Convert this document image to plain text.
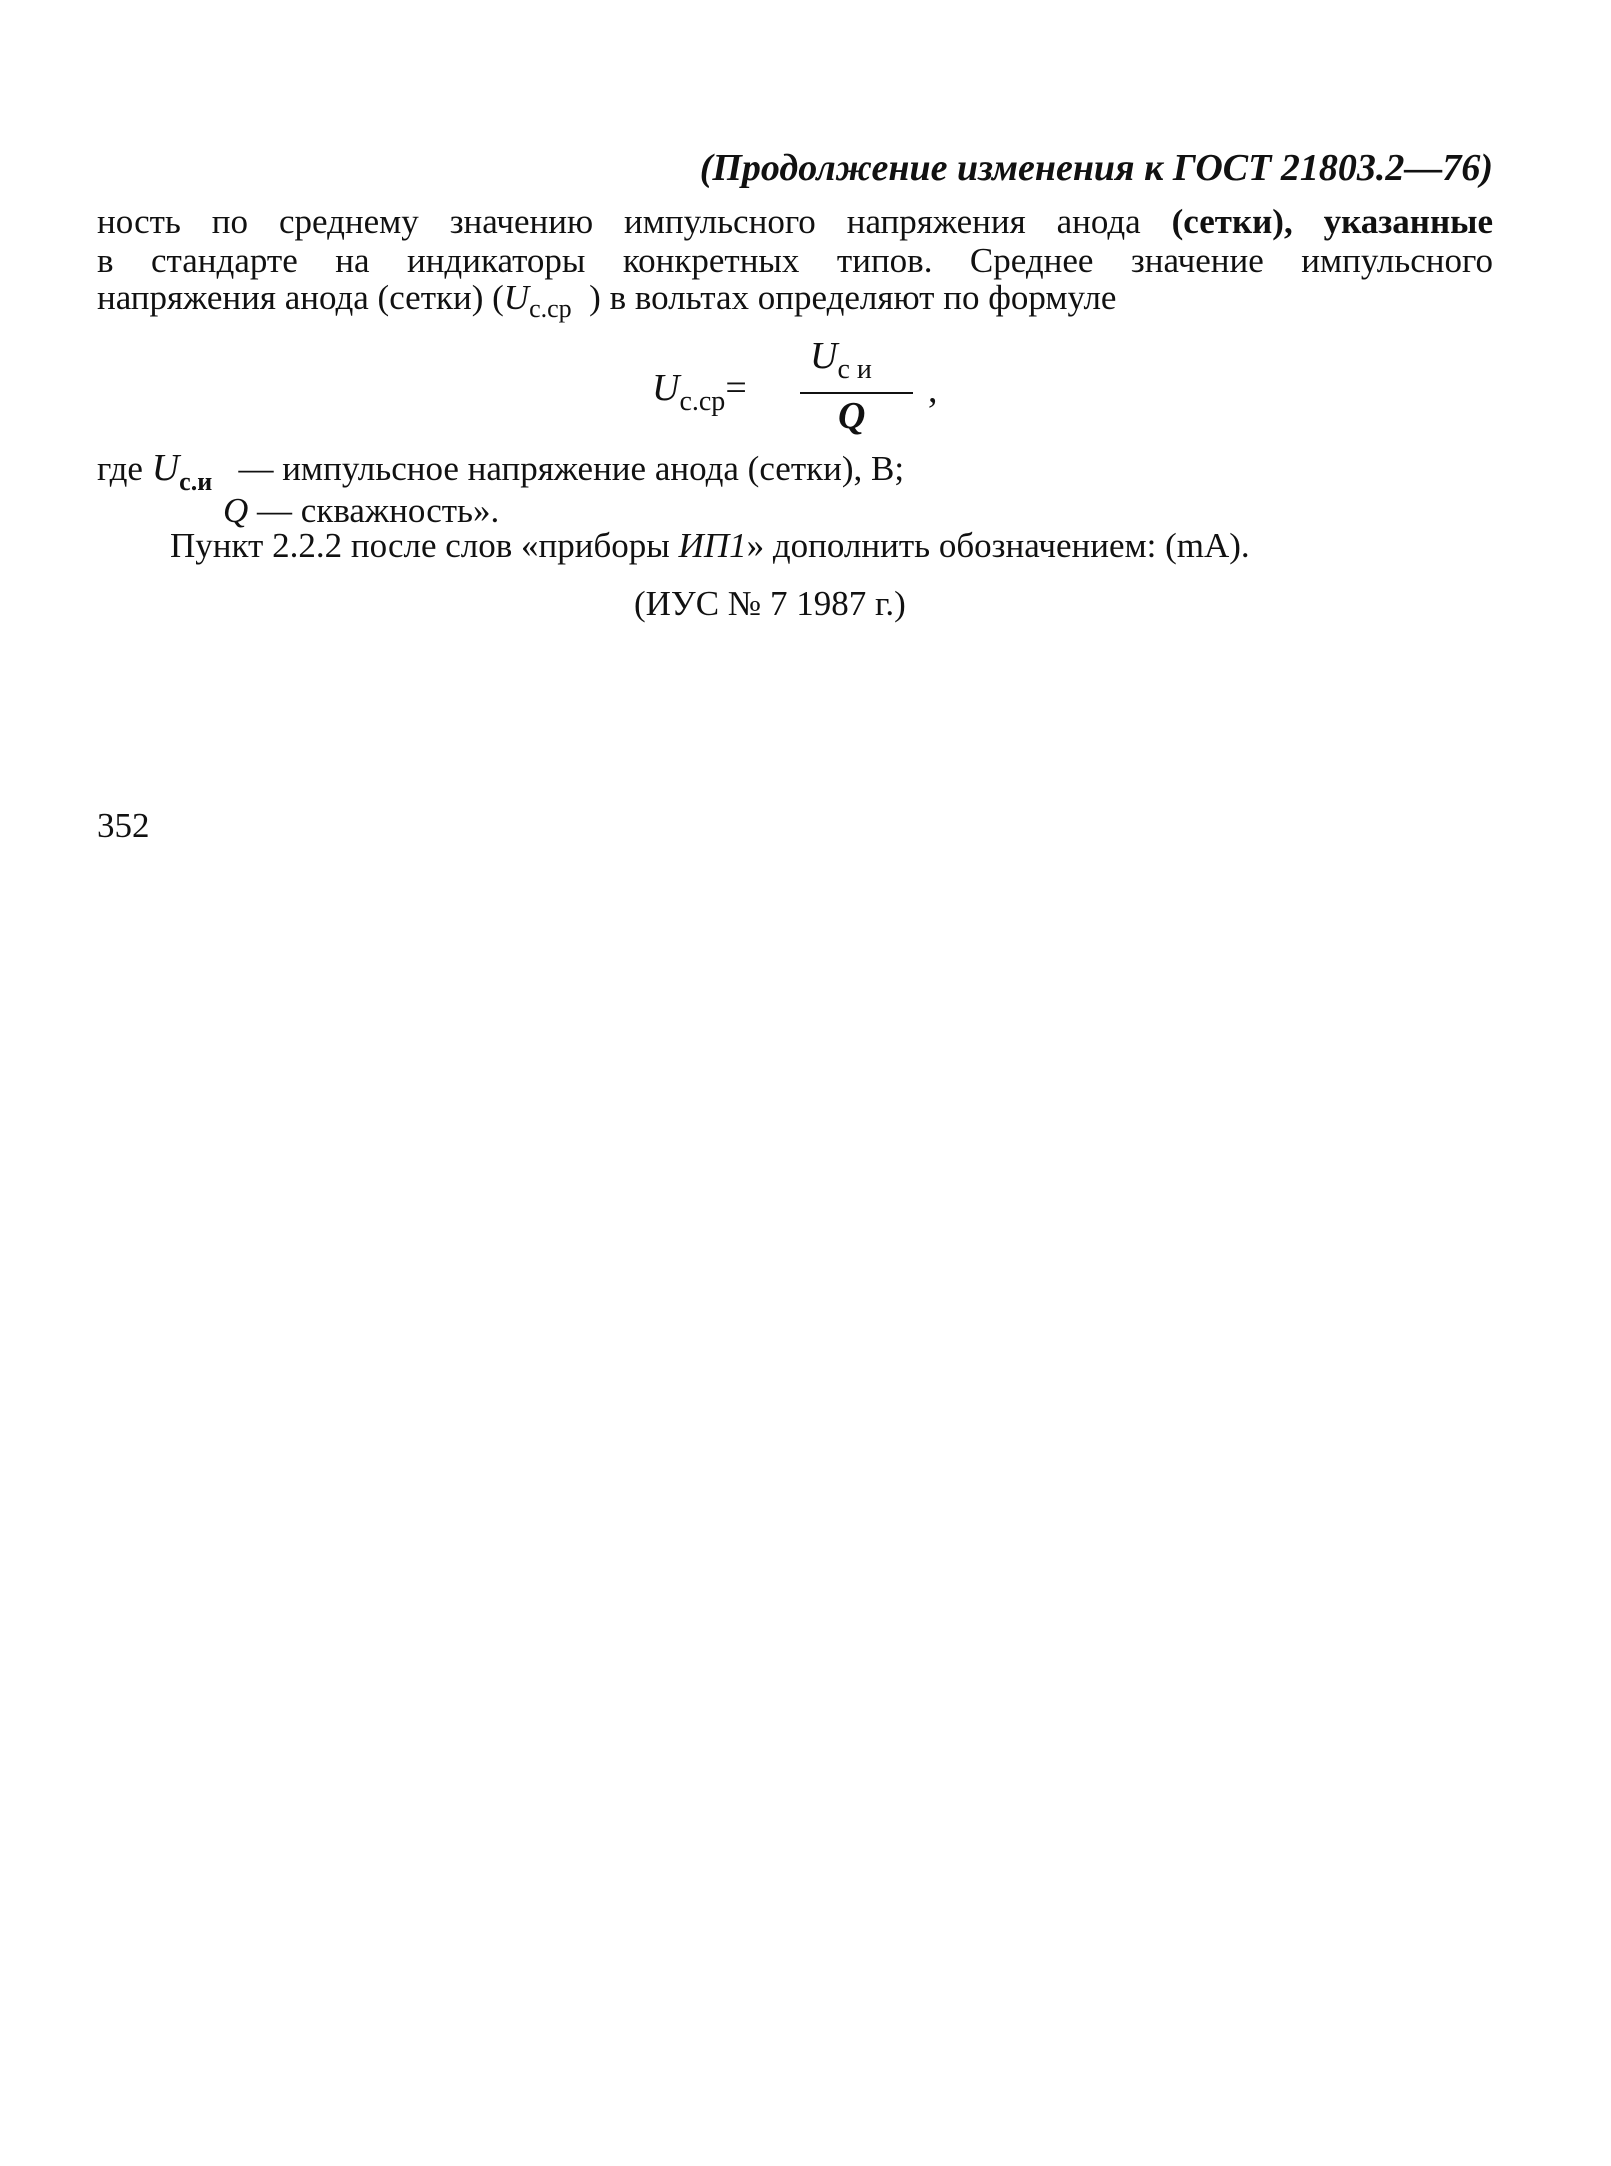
(Продолжение изменения к ГОСТ 21803.2—76)
ность по среднему значению импульсного напряжения анода (сетки), указанные
в стандарте на индикаторы конкретных типов. Среднее значение импульсного
напряжения анода (сетки) ($U_{с.ср}$ ) в вольтах определяют по формуле
$U_{с.ср}=$
$U_{с и}$
Q
,
где $U_{с.и}$ — импульсное напряжение анода (сетки), В;
Q — скважность».
Пункт 2.2.2 после слов «приборы ИП1» дополнить обозначением: (mA).
(ИУС № 7 1987 г.)
352
